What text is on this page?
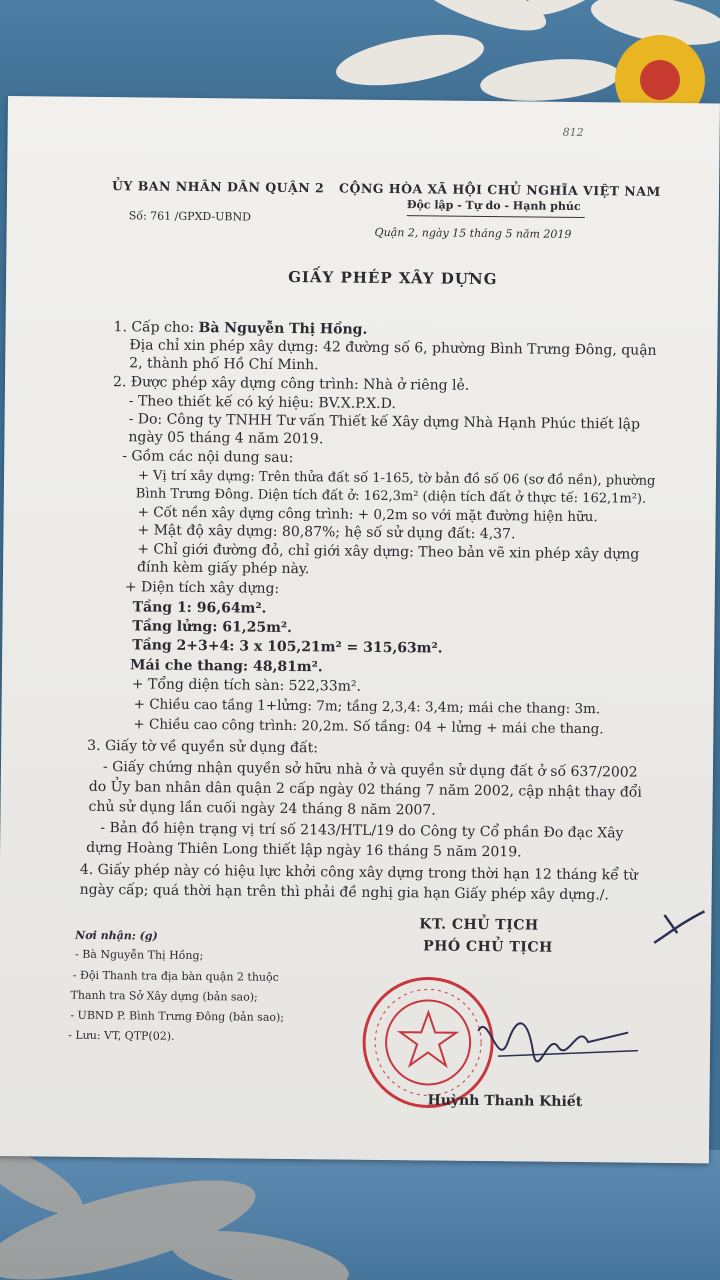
812
ỦY BAN NHÂN DÂN QUẬN 2 CỘNG HÒA XÃ HỘI CHỦ NGHĨA VIỆT NAM
Số: 761 /GPXD-UBND
Độc lập - Tự do - Hạnh phúc
Quận 2, ngày 15 tháng 5 năm 2019
GIẤY PHÉP XÂY DỰNG
1. Cấp cho: Bà Nguyễn Thị Hồng.
Địa chỉ xin phép xây dựng: 42 đường số 6, phường Bình Trưng Đông, quận
2, thành phố Hồ Chí Minh.
2. Được phép xây dựng công trình: Nhà ở riêng lẻ.
- Theo thiết kế có ký hiệu: BV.X.P.X.D.
- Do: Công ty TNHH Tư vấn Thiết kế Xây dựng Nhà Hạnh Phúc thiết lập
ngày 05 tháng 4 năm 2019.
- Gồm các nội dung sau:
+ Vị trí xây dựng: Trên thửa đất số 1-165, tờ bản đồ số 06 (sơ đồ nền), phường
Bình Trưng Đông. Diện tích đất ở: 162,3m² (diện tích đất ở thực tế: 162,1m²).
+ Cốt nền xây dựng công trình: + 0,2m so với mặt đường hiện hữu.
+ Mật độ xây dựng: 80,87%; hệ số sử dụng đất: 4,37.
+ Chỉ giới đường đỏ, chỉ giới xây dựng: Theo bản vẽ xin phép xây dựng
đính kèm giấy phép này.
+ Diện tích xây dựng:
Tầng 1: 96,64m².
Tầng lửng: 61,25m².
Tầng 2+3+4: 3 x 105,21m² = 315,63m².
Mái che thang: 48,81m².
+ Tổng diện tích sàn: 522,33m².
+ Chiều cao tầng 1+lửng: 7m; tầng 2,3,4: 3,4m; mái che thang: 3m.
+ Chiều cao công trình: 20,2m. Số tầng: 04 + lửng + mái che thang.
3. Giấy tờ về quyền sử dụng đất:
- Giấy chứng nhận quyền sở hữu nhà ở và quyền sử dụng đất ở số 637/2002
do Ủy ban nhân dân quận 2 cấp ngày 02 tháng 7 năm 2002, cập nhật thay đổi
chủ sử dụng lần cuối ngày 24 tháng 8 năm 2007.
- Bản đồ hiện trạng vị trí số 2143/HTL/19 do Công ty Cổ phần Đo đạc Xây
dựng Hoàng Thiên Long thiết lập ngày 16 tháng 5 năm 2019.
4. Giấy phép này có hiệu lực khởi công xây dựng trong thời hạn 12 tháng kể từ
ngày cấp; quá thời hạn trên thì phải đề nghị gia hạn Giấy phép xây dựng./.
Nơi nhận: (g)
- Bà Nguyễn Thị Hồng;
- Đội Thanh tra địa bàn quận 2 thuộc
Thanh tra Sở Xây dựng (bản sao);
- UBND P. Bình Trưng Đông (bản sao);
- Lưu: VT, QTP(02).
KT. CHỦ TỊCH
PHÓ CHỦ TỊCH
Huỳnh Thanh Khiết
